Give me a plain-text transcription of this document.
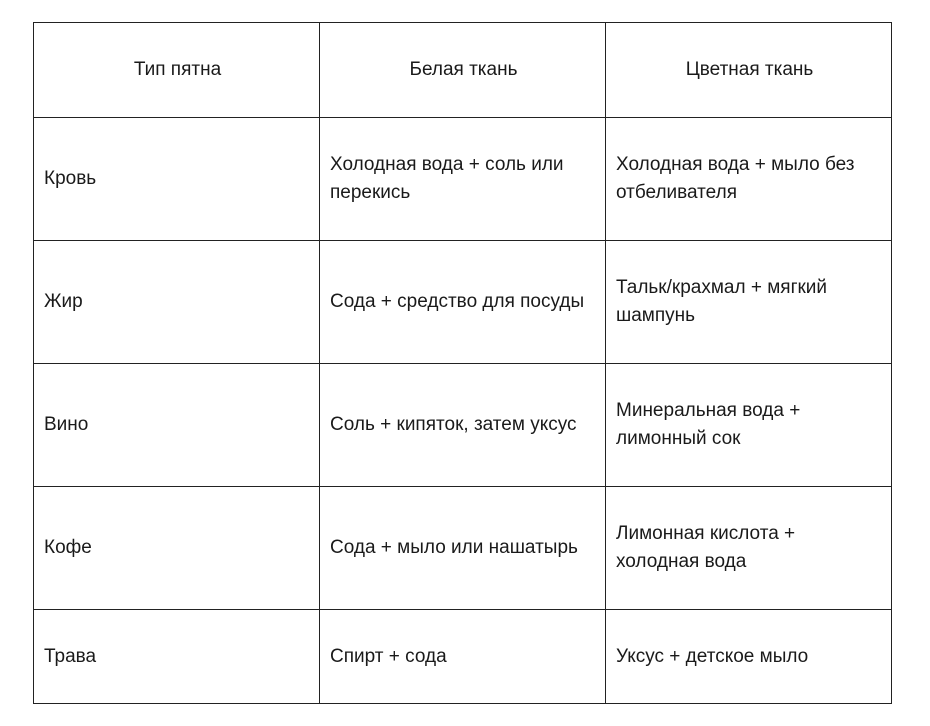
Тип пятна	Белая ткань	Цветная ткань
Кровь	Холодная вода + соль или перекись	Холодная вода + мыло без отбеливателя
Жир	Сода + средство для посуды	Тальк/крахмал + мягкий шампунь
Вино	Соль + кипяток, затем уксус	Минеральная вода + лимонный сок
Кофе	Сода + мыло или нашатырь	Лимонная кислота + холодная вода
Трава	Спирт + сода	Уксус + детское мыло
